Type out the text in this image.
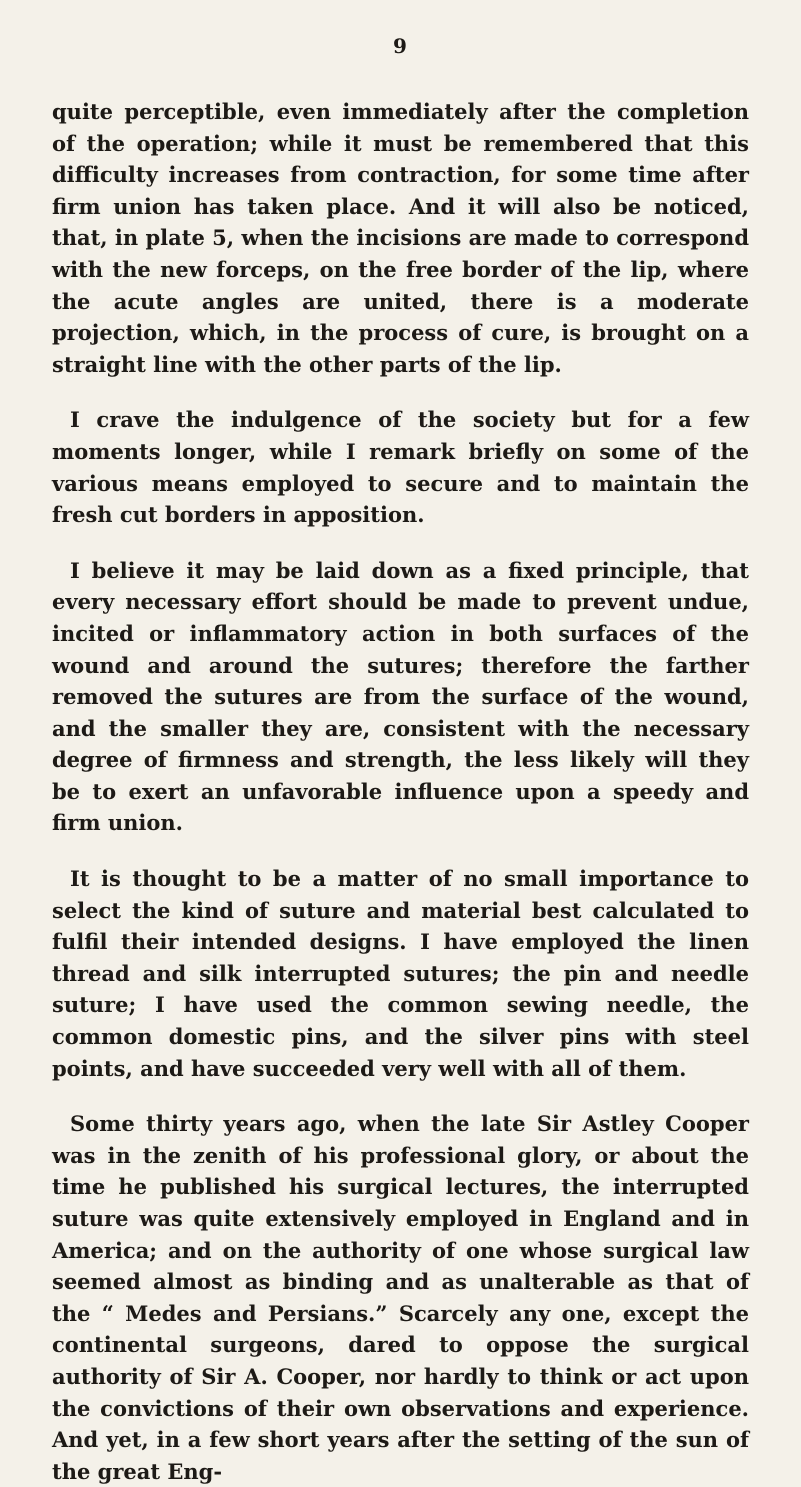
9

quite perceptible, even immediately after the completion of the operation; while it must be remembered that this difficulty increases from contraction, for some time after firm union has taken place. And it will also be noticed, that, in plate 5, when the incisions are made to correspond with the new forceps, on the free border of the lip, where the acute angles are united, there is a moderate projection, which, in the process of cure, is brought on a straight line with the other parts of the lip.

I crave the indulgence of the society but for a few moments longer, while I remark briefly on some of the various means employed to secure and to maintain the fresh cut borders in apposition.

I believe it may be laid down as a fixed principle, that every necessary effort should be made to prevent undue, incited or inflammatory action in both surfaces of the wound and around the sutures; therefore the farther removed the sutures are from the surface of the wound, and the smaller they are, consistent with the necessary degree of firmness and strength, the less likely will they be to exert an unfavorable influence upon a speedy and firm union.

It is thought to be a matter of no small importance to select the kind of suture and material best calculated to fulfil their intended designs. I have employed the linen thread and silk interrupted sutures; the pin and needle suture; I have used the common sewing needle, the common domestic pins, and the silver pins with steel points, and have succeeded very well with all of them.

Some thirty years ago, when the late Sir Astley Cooper was in the zenith of his professional glory, or about the time he published his surgical lectures, the interrupted suture was quite extensively employed in England and in America; and on the authority of one whose surgical law seemed almost as binding and as unalterable as that of the “ Medes and Persians.” Scarcely any one, except the continental surgeons, dared to oppose the surgical authority of Sir A. Cooper, nor hardly to think or act upon the convictions of their own observations and experience. And yet, in a few short years after the setting of the sun of the great Eng-
